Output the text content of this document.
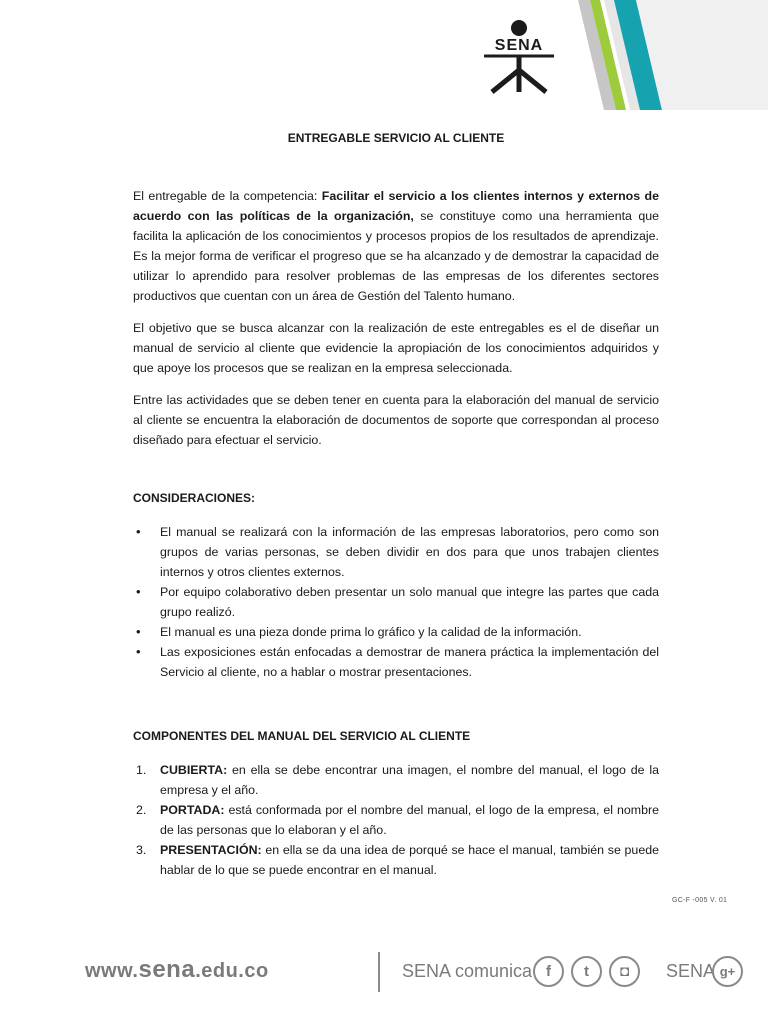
SENA
ENTREGABLE SERVICIO AL CLIENTE

El entregable de la competencia: Facilitar el servicio a los clientes internos y externos de acuerdo con las políticas de la organización, se constituye como una herramienta que facilita la aplicación de los conocimientos y procesos propios de los resultados de aprendizaje. Es la mejor forma de verificar el progreso que se ha alcanzado y de demostrar la capacidad de utilizar lo aprendido para resolver problemas de las empresas de los diferentes sectores productivos que cuentan con un área de Gestión del Talento humano.

El objetivo que se busca alcanzar con la realización de este entregables es el de diseñar un manual de servicio al cliente que evidencie la apropiación de los conocimientos adquiridos y que apoye los procesos que se realizan en la empresa seleccionada.

Entre las actividades que se deben tener en cuenta para la elaboración del manual de servicio al cliente se encuentra la elaboración de documentos de soporte que correspondan al proceso diseñado para efectuar el servicio.

CONSIDERACIONES:
• El manual se realizará con la información de las empresas laboratorios, pero como son grupos de varias personas, se deben dividir en dos para que unos trabajen clientes internos y otros clientes externos.
• Por equipo colaborativo deben presentar un solo manual que integre las partes que cada grupo realizó.
• El manual es una pieza donde prima lo gráfico y la calidad de la información.
• Las exposiciones están enfocadas a demostrar de manera práctica la implementación del Servicio al cliente, no a hablar o mostrar presentaciones.
COMPONENTES DEL MANUAL DEL SERVICIO AL CLIENTE
1. CUBIERTA: en ella se debe encontrar una imagen, el nombre del manual, el logo de la empresa y el año.
2. PORTADA: está conformada por el nombre del manual, el logo de la empresa, el nombre de las personas que lo elaboran y el año.
3. PRESENTACIÓN: en ella se da una idea de porqué se hace el manual, también se puede hablar de lo que se puede encontrar en el manual.
GC-F -005 V. 01
www.sena.edu.co	SENA comunica f	t	◘	SENA g+
